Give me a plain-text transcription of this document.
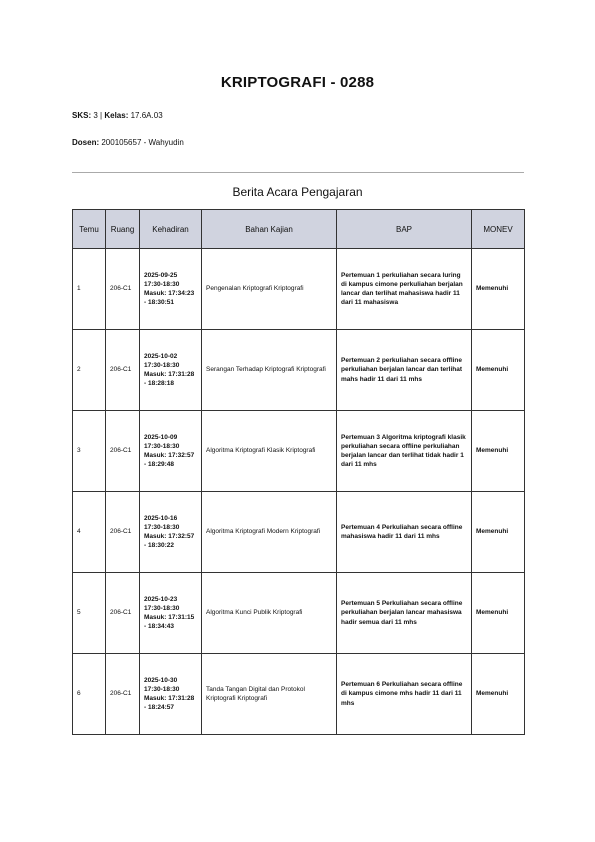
KRIPTOGRAFI - 0288
SKS: 3 | Kelas: 17.6A.03
Dosen: 200105657 - Wahyudin
Berita Acara Pengajaran
Temu	Ruang	Kehadiran	Bahan Kajian	BAP	MONEV
1	206-C1	2025-09-25 17:30-18:30 Masuk: 17:34:23 - 18:30:51	Pengenalan Kriptografi Kriptografi	Pertemuan 1 perkuliahan secara luring di kampus cimone perkuliahan berjalan lancar dan terlihat mahasiswa hadir 11 dari 11 mahasiswa	Memenuhi
2	206-C1	2025-10-02 17:30-18:30 Masuk: 17:31:28 - 18:28:18	Serangan Terhadap Kriptografi Kriptografi	Pertemuan 2 perkuliahan secara offline perkuliahan berjalan lancar dan terlihat mahs hadir 11 dari 11 mhs	Memenuhi
3	206-C1	2025-10-09 17:30-18:30 Masuk: 17:32:57 - 18:29:48	Algoritma Kriptografi Klasik Kriptografi	Pertemuan 3 Algoritma kriptografi klasik perkuliahan secara offline perkuliahan berjalan lancar dan terlihat tidak hadir 1 dari 11 mhs	Memenuhi
4	206-C1	2025-10-16 17:30-18:30 Masuk: 17:32:57 - 18:30:22	Algoritma Kriptografi Modern Kriptografi	Pertemuan 4 Perkuliahan secara offline mahasiswa hadir 11 dari 11 mhs	Memenuhi
5	206-C1	2025-10-23 17:30-18:30 Masuk: 17:31:15 - 18:34:43	Algoritma Kunci Publik Kriptografi	Pertemuan 5 Perkuliahan secara offline perkuliahan berjalan lancar mahasiswa hadir semua dari 11 mhs	Memenuhi
6	206-C1	2025-10-30 17:30-18:30 Masuk: 17:31:28 - 18:24:57	Tanda Tangan Digital dan Protokol Kriptografi Kriptografi	Pertemuan 6 Perkuliahan secara offline di kampus cimone mhs hadir 11 dari 11 mhs	Memenuhi
